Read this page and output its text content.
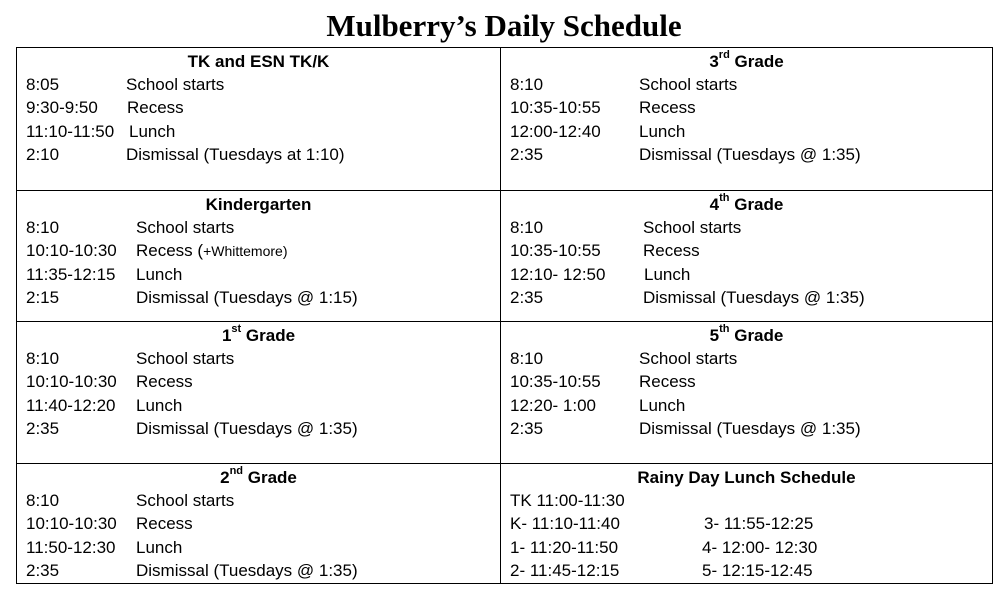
Mulberry’s Daily Schedule
TK and ESN TK/K
8:05	School starts
9:30-9:50 Recess
11:10-11:50 Lunch
2:10	Dismissal (Tuesdays at 1:10)
3rd Grade
8:10	School starts
10:35-10:55 Recess
12:00-12:40 Lunch
2:35	Dismissal (Tuesdays @ 1:35)
Kindergarten
8:10	School starts
10:10-10:30 Recess (+Whittemore)
11:35-12:15 Lunch
2:15	Dismissal (Tuesdays @ 1:15)
4th Grade
8:10	School starts
10:35-10:55 Recess
12:10- 12:50 Lunch
2:35	Dismissal (Tuesdays @ 1:35)
1st Grade
8:10	School starts
10:10-10:30 Recess
11:40-12:20 Lunch
2:35	Dismissal (Tuesdays @ 1:35)
5th Grade
8:10	School starts
10:35-10:55 Recess
12:20- 1:00	Lunch
2:35	Dismissal (Tuesdays @ 1:35)
2nd Grade
8:10	School starts
10:10-10:30 Recess
11:50-12:30 Lunch
2:35	Dismissal (Tuesdays @ 1:35)
Rainy Day Lunch Schedule
TK 11:00-11:30
K- 11:10-11:40	3- 11:55-12:25
1- 11:20-11:50	4- 12:00- 12:30
2- 11:45-12:15	5- 12:15-12:45
